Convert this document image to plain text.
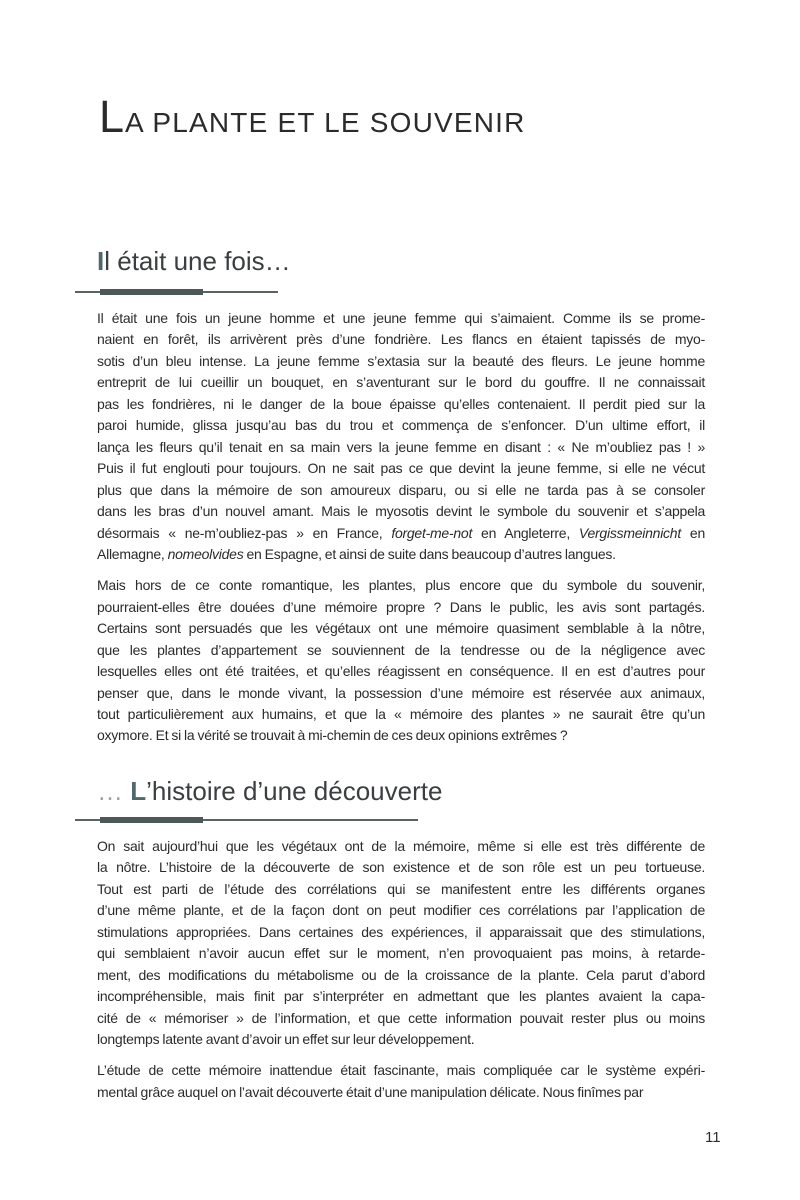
LA PLANTE ET LE SOUVENIR
Il était une fois…
Il était une fois un jeune homme et une jeune femme qui s’aimaient. Comme ils se prome-
naient en forêt, ils arrivèrent près d’une fondrière. Les flancs en étaient tapissés de myo-
sotis d’un bleu intense. La jeune femme s’extasia sur la beauté des fleurs. Le jeune homme
entreprit de lui cueillir un bouquet, en s’aventurant sur le bord du gouffre. Il ne connaissait
pas les fondrières, ni le danger de la boue épaisse qu’elles contenaient. Il perdit pied sur la
paroi humide, glissa jusqu’au bas du trou et commença de s’enfoncer. D’un ultime effort, il
lança les fleurs qu’il tenait en sa main vers la jeune femme en disant : « Ne m’oubliez pas ! »
Puis il fut englouti pour toujours. On ne sait pas ce que devint la jeune femme, si elle ne vécut
plus que dans la mémoire de son amoureux disparu, ou si elle ne tarda pas à se consoler
dans les bras d’un nouvel amant. Mais le myosotis devint le symbole du souvenir et s’appela
désormais « ne-m’oubliez-pas » en France, forget-me-not en Angleterre, Vergissmeinnicht en
Allemagne, nomeolvides en Espagne, et ainsi de suite dans beaucoup d’autres langues.
Mais hors de ce conte romantique, les plantes, plus encore que du symbole du souvenir,
pourraient-elles être douées d’une mémoire propre ? Dans le public, les avis sont partagés.
Certains sont persuadés que les végétaux ont une mémoire quasiment semblable à la nôtre,
que les plantes d’appartement se souviennent de la tendresse ou de la négligence avec
lesquelles elles ont été traitées, et qu’elles réagissent en conséquence. Il en est d’autres pour
penser que, dans le monde vivant, la possession d’une mémoire est réservée aux animaux,
tout particulièrement aux humains, et que la « mémoire des plantes » ne saurait être qu’un
oxymore. Et si la vérité se trouvait à mi-chemin de ces deux opinions extrêmes ?
… L’histoire d’une découverte
On sait aujourd’hui que les végétaux ont de la mémoire, même si elle est très différente de
la nôtre. L’histoire de la découverte de son existence et de son rôle est un peu tortueuse.
Tout est parti de l’étude des corrélations qui se manifestent entre les différents organes
d’une même plante, et de la façon dont on peut modifier ces corrélations par l’application de
stimulations appropriées. Dans certaines des expériences, il apparaissait que des stimulations,
qui semblaient n’avoir aucun effet sur le moment, n’en provoquaient pas moins, à retarde-
ment, des modifications du métabolisme ou de la croissance de la plante. Cela parut d’abord
incompréhensible, mais finit par s’interpréter en admettant que les plantes avaient la capa-
cité de « mémoriser » de l’information, et que cette information pouvait rester plus ou moins
longtemps latente avant d’avoir un effet sur leur développement.
L’étude de cette mémoire inattendue était fascinante, mais compliquée car le système expéri-
mental grâce auquel on l’avait découverte était d’une manipulation délicate. Nous finîmes par
11
